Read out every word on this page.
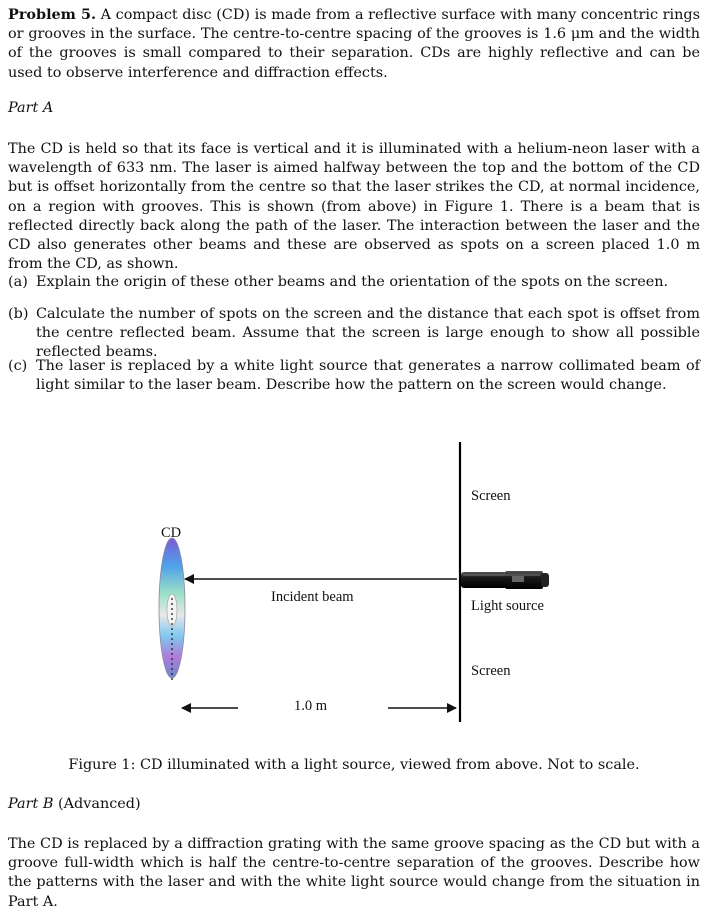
Problem 5. A compact disc (CD) is made from a reflective surface with many concentric rings or grooves in the surface. The centre-to-centre spacing of the grooves is 1.6 μm and the width of the grooves is small compared to their separation. CDs are highly reflective and can be used to observe interference and diffraction effects.

Part A

The CD is held so that its face is vertical and it is illuminated with a helium-neon laser with a wavelength of 633 nm. The laser is aimed halfway between the top and the bottom of the CD but is offset horizontally from the centre so that the laser strikes the CD, at normal incidence, on a region with grooves. This is shown (from above) in Figure 1. There is a beam that is reflected directly back along the path of the laser. The interaction between the laser and the CD also generates other beams and these are observed as spots on a screen placed 1.0 m from the CD, as shown.

(a) Explain the origin of these other beams and the orientation of the spots on the screen.
(b) Calculate the number of spots on the screen and the distance that each spot is offset from the centre reflected beam. Assume that the screen is large enough to show all possible reflected beams.
(c) The laser is replaced by a white light source that generates a narrow collimated beam of light similar to the laser beam. Describe how the pattern on the screen would change.
Figure 1: CD illuminated with a light source, viewed from above. Not to scale.
Part B (Advanced)

The CD is replaced by a diffraction grating with the same groove spacing as the CD but with a groove full-width which is half the centre-to-centre separation of the grooves. Describe how the patterns with the laser and with the white light source would change from the situation in Part A.

CD
Screen
Incident beam
Light source
Screen
1.0 m
